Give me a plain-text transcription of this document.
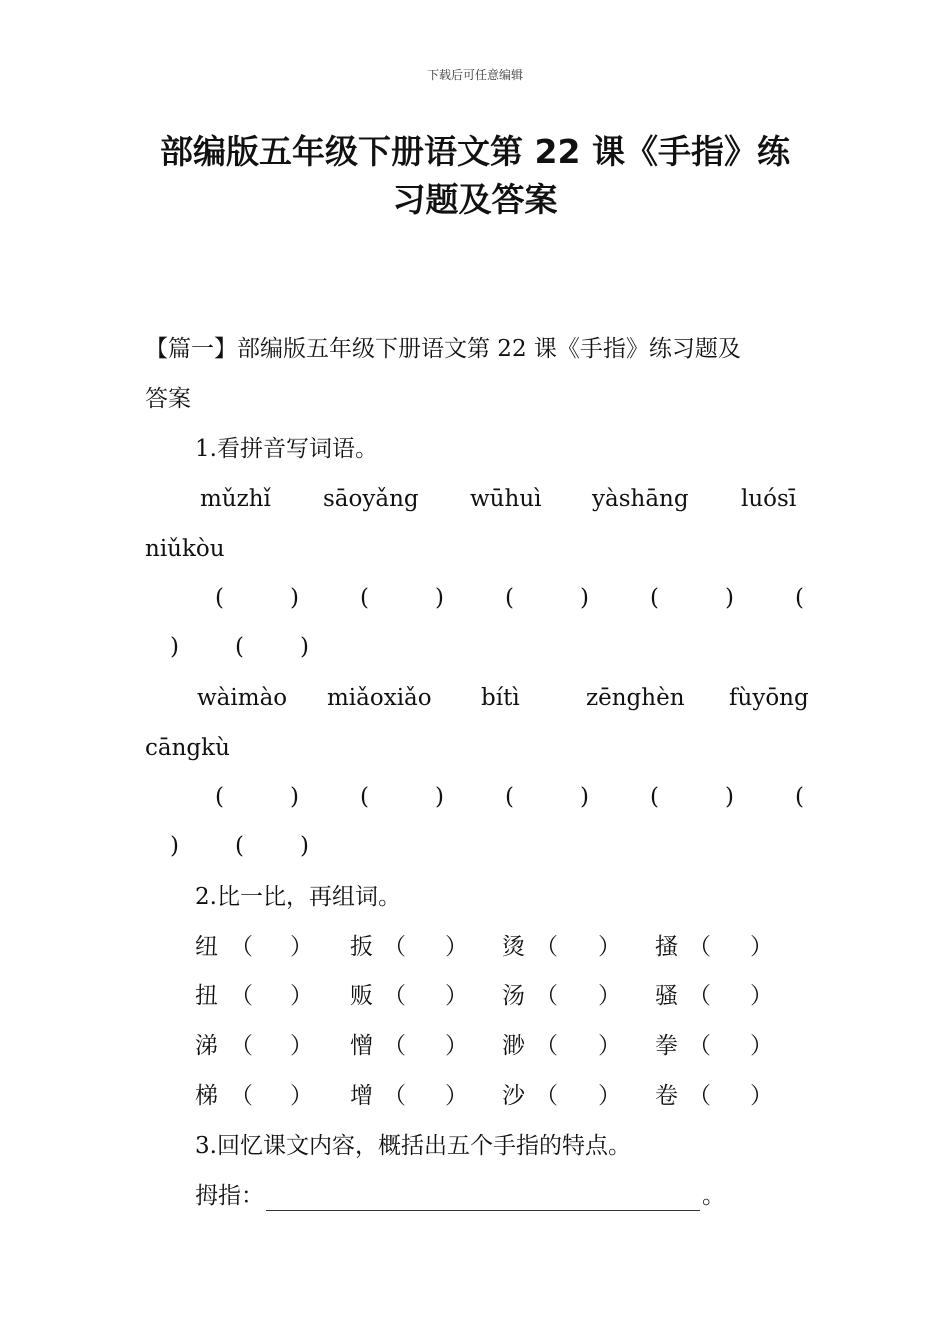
下载后可任意编辑
部编版五年级下册语文第 22 课《手指》练
习题及答案
【篇一】部编版五年级下册语文第 22 课《手指》练习题及
答案
1.看拼音写词语。
mǔzhǐ sāoyǎng wūhuì yàshāng luósī
niǔkòu
(	)	(	)	(	)	(	)	(
) ( )
wàimào miǎoxiǎo bítì	zēnghèn fùyōng
cāngkù
(	)	(	)	(	)	(	)	(
) ( )
2.比一比，再组词。
纽 （ ） 扳 （ ） 烫 （ ） 搔 （ ）
扭 （ ） 贩 （ ） 汤 （ ） 骚 （ ）
涕 （ ） 憎 （ ） 渺 （ ） 拳 （ ）
梯 （ ） 增 （ ） 沙 （ ） 卷 （ ）
3.回忆课文内容，概括出五个手指的特点。
拇指：	。
